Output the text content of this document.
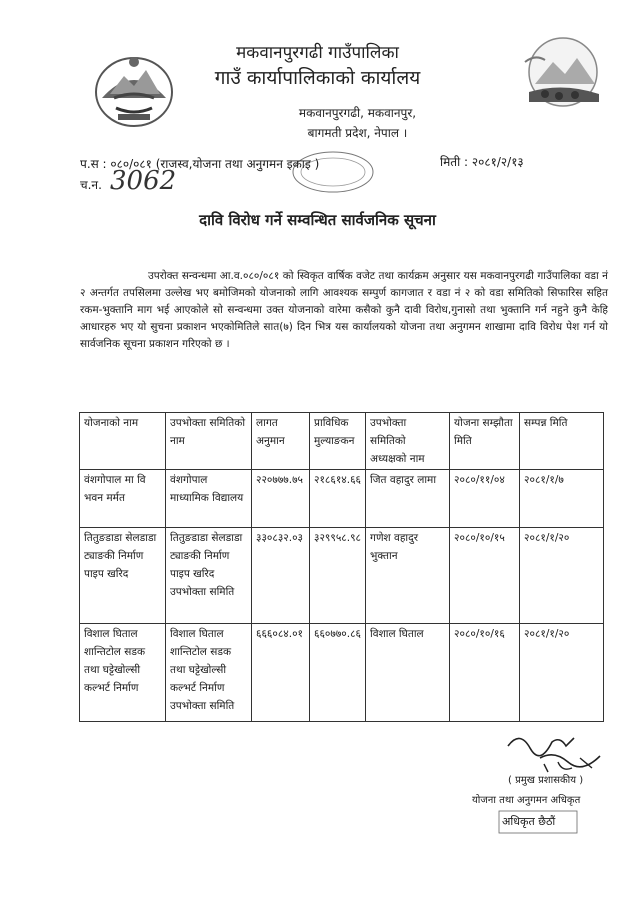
मकवानपुरगढी गाउँपालिका
गाउँ कार्यापालिकाको कार्यालय
मकवानपुरगढी, मकवानपुर,
बागमती प्रदेश, नेपाल ।
प.स : ०८०/०८१ (राजस्व,योजना तथा अनुगमन इकाइ )
च.न. 3062
मिती : २०८१/२/१३
दावि विरोध गर्ने सम्वन्धित सार्वजनिक सूचना
उपरोक्त सन्वन्धमा आ.व.०८०/०८१ को स्विकृत वार्षिक वजेट तथा कार्यक्रम अनुसार यस मकवानपुरगढी गाउँपालिका वडा नं २ अन्तर्गत तपसिलमा उल्लेख भए बमोजिमको योजनाको लागि आवश्यक सम्पुर्ण कागजात र वडा नं २ को वडा समितिको सिफारिस सहित रकम-भुक्तानि माग भई आएकोले सो सन्वन्धमा उक्त योजनाको वारेमा कसैको कुनै दावी विरोध,गुनासो तथा भुक्तानि गर्न नहुने कुनै केहि आधारहरु भए यो सुचना प्रकाशन भएकोमितिले सात(७) दिन भित्र यस कार्यालयको योजना तथा अनुगमन शाखामा दावि विरोध पेश गर्न यो सार्वजनिक सूचना प्रकाशन गरिएको छ ।
योजनाको नाम	उपभोक्ता समितिको नाम	लागत अनुमान	प्राविधिक मुल्याङकन	उपभोक्ता समितिको अध्यक्षको नाम	योजना सम्झौता मिति	सम्पन्न मिति
वंशगोपाल मा वि भवन मर्मत	वंशगोपाल माध्यामिक विद्यालय	२२०७७७.७५	२१८६१४.६६	जित वहादुर लामा	२०८०/११/०४	२०८१/१/७
तितुङडाडा सेलडाडा ट्याङकी निर्माण पाइप खरिद	तितुङडाडा सेलडाडा ट्याङकी निर्माण पाइप खरिद उपभोक्ता समिति	३३०८३२.०३	३२९९५८.९८	गणेश वहादुर भुक्तान	२०८०/१०/१५	२०८१/१/२०
विशाल घिताल शान्तिटोल सडक तथा घट्टेखोल्सी कल्भर्ट निर्माण	विशाल घिताल शान्तिटोल सडक तथा घट्टेखोल्सी कल्भर्ट निर्माण उपभोक्ता समिति	६६६०८४.०१	६६०७७०.८६	विशाल घिताल	२०८०/१०/१६	२०८१/१/२०
( प्रमुख प्रशासकीय )
योजना तथा अनुगमन अधिकृत
अधिकृत छैठौं
